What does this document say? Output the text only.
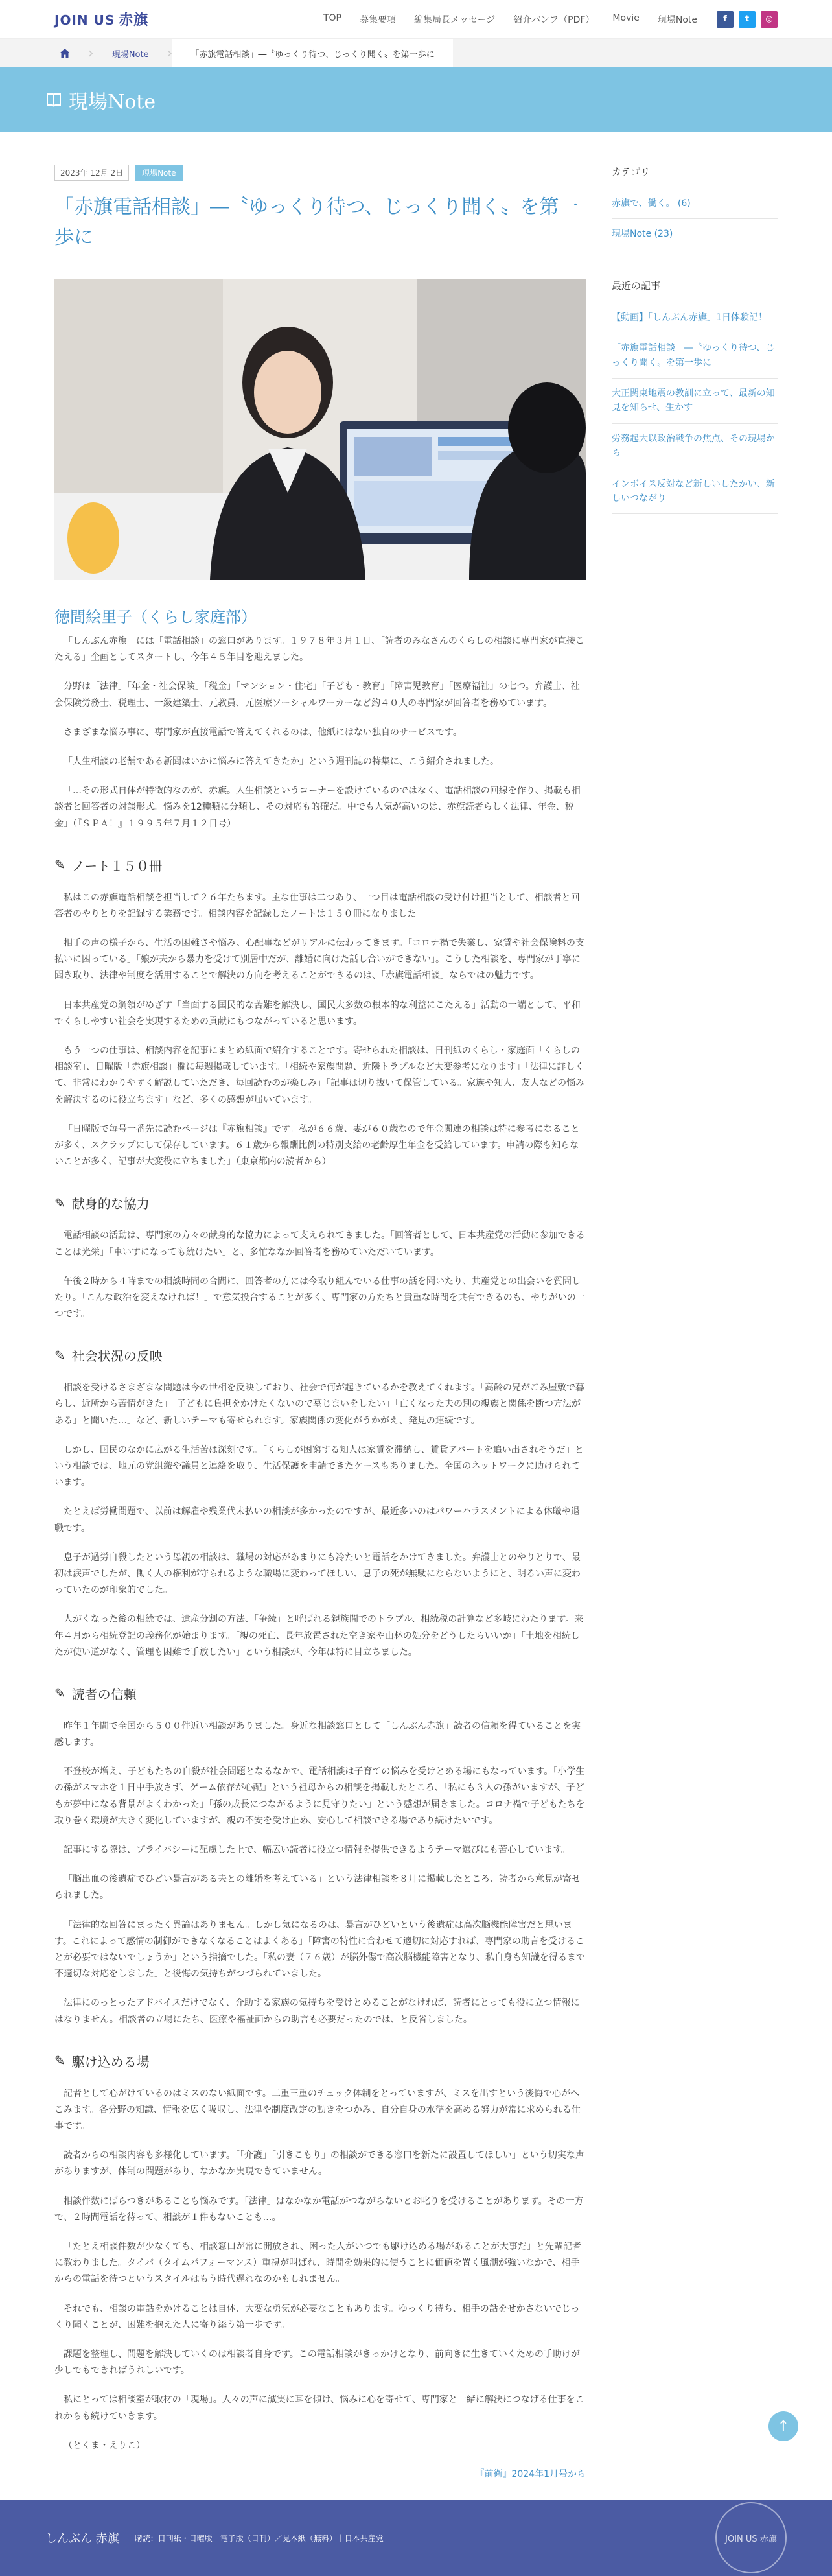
JOIN US 赤旗	TOP 募集要項 編集局長メッセージ 紹介パンフ（PDF） Movie 現場Note	f	t	◎
›	現場Note	›	「赤旗電話相談」―〝ゆっくり待つ、じっくり聞く〟を第一歩に
現場Note
2023年 12月 2日	現場Note
「赤旗電話相談」―〝ゆっくり待つ、じっくり聞く〟を第一歩に
徳間絵里子（くらし家庭部）

「しんぶん赤旗」には「電話相談」の窓口があります。１９７８年３月１日、「読者のみなさんのくらしの相談に専門家が直接こたえる」企画としてスタートし、今年４５年目を迎えました。

分野は「法律」「年金・社会保険」「税金」「マンション・住宅」「子ども・教育」「障害児教育」「医療福祉」の七つ。弁護士、社会保険労務士、税理士、一級建築士、元教員、元医療ソーシャルワーカーなど約４０人の専門家が回答者を務めています。

さまざまな悩み事に、専門家が直接電話で答えてくれるのは、他紙にはない独自のサービスです。

「人生相談の老舗である新聞はいかに悩みに答えてきたか」という週刊誌の特集に、こう紹介されました。

「…その形式自体が特徴的なのが、赤旗。人生相談というコーナーを設けているのではなく、電話相談の回線を作り、掲載も相談者と回答者の対談形式。悩みを12種類に分類し、その対応も的確だ。中でも人気が高いのは、赤旗読者らしく法律、年金、税金」（『ＳＰＡ！』１９９５年７月１２日号）

✎ ノート１５０冊

私はこの赤旗電話相談を担当して２６年たちます。主な仕事は二つあり、一つ目は電話相談の受け付け担当として、相談者と回答者のやりとりを記録する業務です。相談内容を記録したノートは１５０冊になりました。

相手の声の様子から、生活の困難さや悩み、心配事などがリアルに伝わってきます。「コロナ禍で失業し、家賃や社会保険料の支払いに困っている」「娘が夫から暴力を受けて別居中だが、離婚に向けた話し合いができない」。こうした相談を、専門家が丁寧に聞き取り、法律や制度を活用することで解決の方向を考えることができるのは、「赤旗電話相談」ならではの魅力です。

日本共産党の綱領がめざす「当面する国民的な苦難を解決し、国民大多数の根本的な利益にこたえる」活動の一端として、平和でくらしやすい社会を実現するための貢献にもつながっていると思います。

もう一つの仕事は、相談内容を記事にまとめ紙面で紹介することです。寄せられた相談は、日刊紙のくらし・家庭面「くらしの相談室」、日曜版「赤旗相談」欄に毎週掲載しています。「相続や家族問題、近隣トラブルなど大変参考になります」「法律に詳しくて、非常にわかりやすく解説していただき、毎回読むのが楽しみ」「記事は切り抜いて保管している。家族や知人、友人などの悩みを解決するのに役立ちます」など、多くの感想が届いています。

「日曜版で毎号一番先に読むページは『赤旗相談』です。私が６６歳、妻が６０歳なので年金関連の相談は特に参考になることが多く、スクラップにして保存しています。６１歳から報酬比例の特別支給の老齢厚生年金を受給しています。申請の際も知らないことが多く、記事が大変役に立ちました」（東京都内の読者から）

✎ 献身的な協力

電話相談の活動は、専門家の方々の献身的な協力によって支えられてきました。「回答者として、日本共産党の活動に参加できることは光栄」「車いすになっても続けたい」と、多忙ななか回答者を務めていただいています。

午後２時から４時までの相談時間の合間に、回答者の方には今取り組んでいる仕事の話を聞いたり、共産党との出会いを質問したり。「こんな政治を変えなければ！」で意気投合することが多く、専門家の方たちと貴重な時間を共有できるのも、やりがいの一つです。

✎ 社会状況の反映

相談を受けるさまざまな問題は今の世相を反映しており、社会で何が起きているかを教えてくれます。「高齢の兄がごみ屋敷で暮らし、近所から苦情がきた」「子どもに負担をかけたくないので墓じまいをしたい」「亡くなった夫の別の親族と関係を断つ方法がある」と聞いた…」など、新しいテーマも寄せられます。家族関係の変化がうかがえ、発見の連続です。

しかし、国民のなかに広がる生活苦は深刻です。「くらしが困窮する知人は家賃を滞納し、賃貸アパートを追い出されそうだ」という相談では、地元の党組織や議員と連絡を取り、生活保護を申請できたケースもありました。全国のネットワークに助けられています。

たとえば労働問題で、以前は解雇や残業代未払いの相談が多かったのですが、最近多いのはパワーハラスメントによる休職や退職です。

息子が過労自殺したという母親の相談は、職場の対応があまりにも冷たいと電話をかけてきました。弁護士とのやりとりで、最初は涙声でしたが、働く人の権利が守られるような職場に変わってほしい、息子の死が無駄にならないようにと、明るい声に変わっていたのが印象的でした。

人がくなった後の相続では、遺産分割の方法、「争続」と呼ばれる親族間でのトラブル、相続税の計算など多岐にわたります。来年４月から相続登記の義務化が始まります。「親の死亡、長年放置された空き家や山林の処分をどうしたらいいか」「土地を相続したが使い道がなく、管理も困難で手放したい」という相談が、今年は特に目立ちました。

✎ 読者の信頼

昨年１年間で全国から５００件近い相談がありました。身近な相談窓口として「しんぶん赤旗」読者の信頼を得ていることを実感します。

不登校が増え、子どもたちの自殺が社会問題となるなかで、電話相談は子育ての悩みを受けとめる場にもなっています。「小学生の孫がスマホを１日中手放さず、ゲーム依存が心配」という祖母からの相談を掲載したところ、「私にも３人の孫がいますが、子どもが夢中になる背景がよくわかった」「孫の成長につながるように見守りたい」という感想が届きました。コロナ禍で子どもたちを取り巻く環境が大きく変化していますが、親の不安を受け止め、安心して相談できる場であり続けたいです。

記事にする際は、プライバシーに配慮した上で、幅広い読者に役立つ情報を提供できるようテーマ選びにも苦心しています。

「脳出血の後遺症でひどい暴言がある夫との離婚を考えている」という法律相談を８月に掲載したところ、読者から意見が寄せられました。

「法律的な回答にまったく異論はありません。しかし気になるのは、暴言がひどいという後遺症は高次脳機能障害だと思います。これによって感情の制御ができなくなることはよくある」「障害の特性に合わせて適切に対応すれば、専門家の助言を受けることが必要ではないでしょうか」という指摘でした。「私の妻（７６歳）が脳外傷で高次脳機能障害となり、私自身も知識を得るまで不適切な対応をしました」と後悔の気持ちがつづられていました。

法律にのっとったアドバイスだけでなく、介助する家族の気持ちを受けとめることがなければ、読者にとっても役に立つ情報にはなりません。相談者の立場にたち、医療や福祉面からの助言も必要だったのでは、と反省しました。

✎ 駆け込める場

記者として心がけているのはミスのない紙面です。二重三重のチェック体制をとっていますが、ミスを出すという後悔で心がへこみます。各分野の知識、情報を広く吸収し、法律や制度改定の動きをつかみ、自分自身の水準を高める努力が常に求められる仕事です。

読者からの相談内容も多様化しています。「「介護」「引きこもり」の相談ができる窓口を新たに設置してほしい」という切実な声がありますが、体制の問題があり、なかなか実現できていません。

相談件数にばらつきがあることも悩みです。「法律」はなかなか電話がつながらないとお叱りを受けることがあります。その一方で、２時間電話を待って、相談が１件もないことも…。

「たとえ相談件数が少なくても、相談窓口が常に開放され、困った人がいつでも駆け込める場があることが大事だ」と先輩記者に教わりました。タイパ（タイムパフォーマンス）重視が叫ばれ、時間を効果的に使うことに価値を置く風潮が強いなかで、相手からの電話を待つというスタイルはもう時代遅れなのかもしれません。

それでも、相談の電話をかけることは自体、大変な勇気が必要なこともあります。ゆっくり待ち、相手の話をせかさないでじっくり聞くことが、困難を抱えた人に寄り添う第一歩です。

課題を整理し、問題を解決していくのは相談者自身です。この電話相談がきっかけとなり、前向きに生きていくための手助けが少しでもできればうれしいです。

私にとっては相談室が取材の「現場」。人々の声に誠実に耳を傾け、悩みに心を寄せて、専門家と一緒に解決につなげる仕事をこれからも続けていきます。

（とくま・えりこ）

『前衛』2024年1月号から
カテゴリ
赤旗で、働く。 (6)
現場Note (23)
最近の記事
【動画】「しんぶん赤旗」1日体験記！
「赤旗電話相談」―〝ゆっくり待つ、じっくり聞く〟を第一歩に
大正関東地震の教訓に立って、最新の知見を知らせ、生かす
労務起大以政治戦争の焦点、その現場から
インボイス反対など新しいしたかい、新しいつながり
↑
しんぶん 赤旗 購読：日刊紙・日曜版｜電子版（日刊）／見本紙（無料）｜日本共産党	JOIN US 赤旗
